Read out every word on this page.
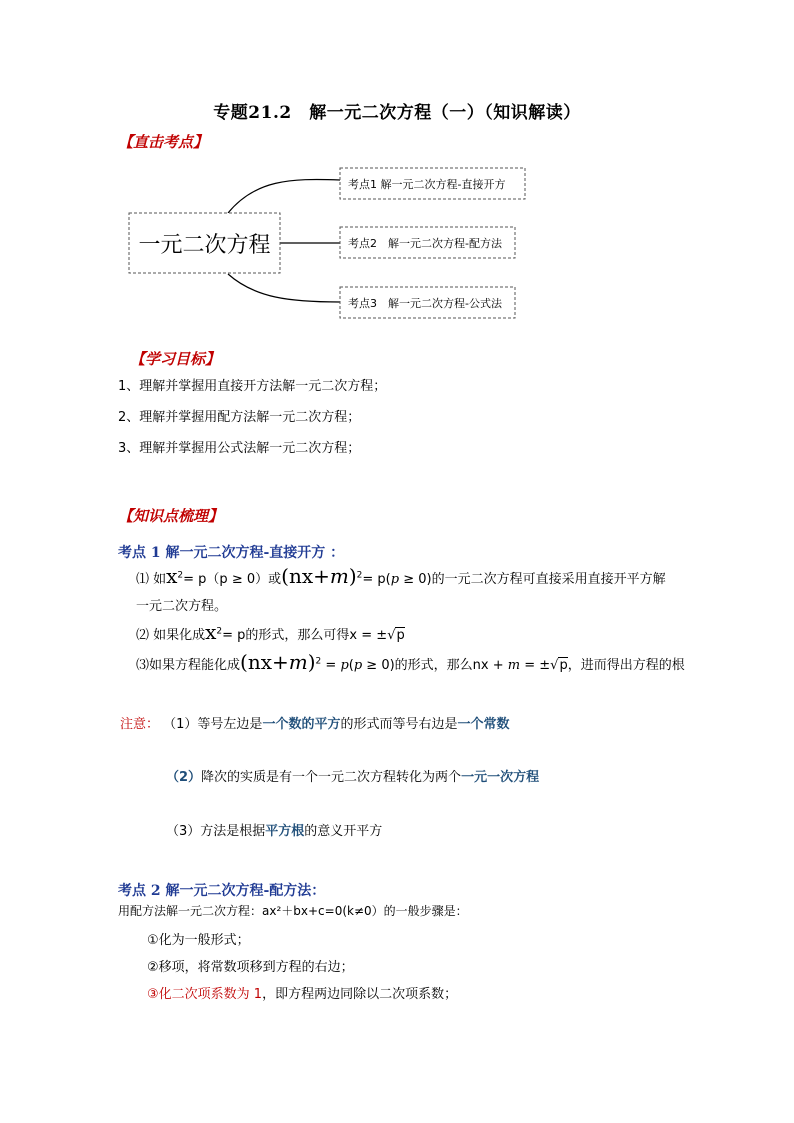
专题21.2　解一元二次方程（一）（知识解读）
【直击考点】
一元二次方程
考点1 解一元二次方程-直接开方
考点2　解一元二次方程-配方法
考点3　解一元二次方程-公式法
【学习目标】
1、理解并掌握用直接开方法解一元二次方程；
2、理解并掌握用配方法解一元二次方程；
3、理解并掌握用公式法解一元二次方程；
【知识点梳理】
考点 1 解一元二次方程-直接开方 ：
⑴ 如$x^2= p(p \ge 0)$或$(nx+m)^2= p(p \ge 0)$的一元二次方程可直接采用直接开平方解
一元二次方程。
⑵ 如果化成$x^2= p$的形式，那么可得x = ±√p
⑶如果方程能化成$(nx+m)^2 = p(p \ge 0)$的形式，那么nx + m = ±√p，进而得出方程的根
注意： （1）等号左边是一个数的平方的形式而等号右边是一个常数
（2）降次的实质是有一个一元二次方程转化为两个一元一次方程
（3）方法是根据平方根的意义开平方
考点 2 解一元二次方程-配方法：
用配方法解一元二次方程：ax²＋bx+c=0(k≠0）的一般步骤是：
①化为一般形式；
②移项，将常数项移到方程的右边；
③化二次项系数为 1，即方程两边同除以二次项系数；
